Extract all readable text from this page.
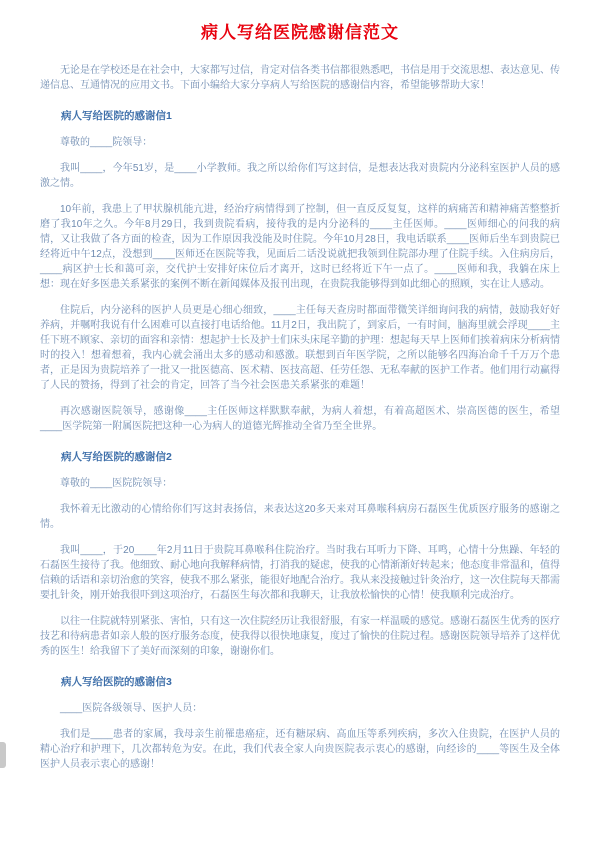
病人写给医院感谢信范文

无论是在学校还是在社会中，大家都写过信，肯定对信各类书信都很熟悉吧，书信是用于交流思想、表达意见、传递信息、互通情况的应用文书。下面小编给大家分享病人写给医院的感谢信内容，希望能够帮助大家！

病人写给医院的感谢信1

尊敬的____院领导：

我叫____，今年51岁，是____小学教师。我之所以给你们写这封信，是想表达我对贵院内分泌科室医护人员的感激之情。

10年前，我患上了甲状腺机能亢进，经治疗病情得到了控制，但一直反反复复，这样的病痛苦和精神痛苦整整折磨了我10年之久。今年8月29日，我到贵院看病，接待我的是内分泌科的____主任医师。____医师细心的问我的病情，又让我做了各方面的检查，因为工作原因我没能及时住院。今年10月28日，我电话联系____医师后坐车到贵院已经将近中午12点，没想到____医师还在医院等我，见面后二话没说就把我领到住院部办理了住院手续。入住病房后，____病区护士长和蔼可亲，交代护士安排好床位后才离开，这时已经将近下午一点了。____医师和我，我躺在床上想：现在好多医患关系紧张的案例不断在新闻媒体及报刊出现，在贵院我能够得到如此细心的照顾，实在让人感动。

住院后，内分泌科的医护人员更是心细心细致，____主任每天查房时都面带微笑详细询问我的病情，鼓励我好好养病，并嘱咐我说有什么困难可以直接打电话给他。11月2日，我出院了，到家后，一有时间，脑海里就会浮现____主任下班不顾家、亲切的面容和亲情：想起护士长及护士们床头床尾辛勤的护理：想起每天早上医师们挨着病床分析病情时的投入！想着想着，我内心就会涌出太多的感动和感激。联想到百年医学院，之所以能够名四海冶命千千万万个患者，正是因为贵院培养了一批又一批医德高、医术精、医技高超、任劳任怨、无私奉献的医护工作者。他们用行动赢得了人民的赞扬，得到了社会的肯定，回答了当今社会医患关系紧张的难题！

再次感谢医院领导，感谢像____主任医师这样默默奉献，为病人着想，有着高超医术、崇高医德的医生，希望____医学院第一附属医院把这种一心为病人的道德光辉推动全省乃至全世界。

病人写给医院的感谢信2

尊敬的____医院院领导：

我怀着无比激动的心情给你们写这封表扬信，来表达这20多天来对耳鼻喉科病房石磊医生优质医疗服务的感谢之情。

我叫____，于20____年2月11日于贵院耳鼻喉科住院治疗。当时我右耳听力下降、耳鸣，心情十分焦躁、年轻的石磊医生接待了我。他细致、耐心地向我解释病情，打消我的疑虑，使我的心情渐渐好转起来；他态度非常温和，值得信赖的话语和亲切治愈的笑容，使我不那么紧张，能很好地配合治疗。我从来没接触过针灸治疗，这一次住院每天都需要扎针灸，刚开始我很吓到这项治疗，石磊医生每次都和我聊天，让我放松愉快的心情！使我顺利完成治疗。

以往一住院就特别紧张、害怕，只有这一次住院经历让我很舒服，有家一样温暖的感觉。感谢石磊医生优秀的医疗技艺和待病患者如亲人般的医疗服务态度，使我得以很快地康复，度过了愉快的住院过程。感谢医院领导培养了这样优秀的医生！给我留下了美好而深刻的印象，谢谢你们。

病人写给医院的感谢信3

____医院各级领导、医护人员：

我们是____患者的家属，我母亲生前罹患癌症，还有糖尿病、高血压等系列疾病，多次入住贵院，在医护人员的精心治疗和护理下，几次都转危为安。在此，我们代表全家人向贵医院表示衷心的感谢，向经诊的____等医生及全体医护人员表示衷心的感谢！
